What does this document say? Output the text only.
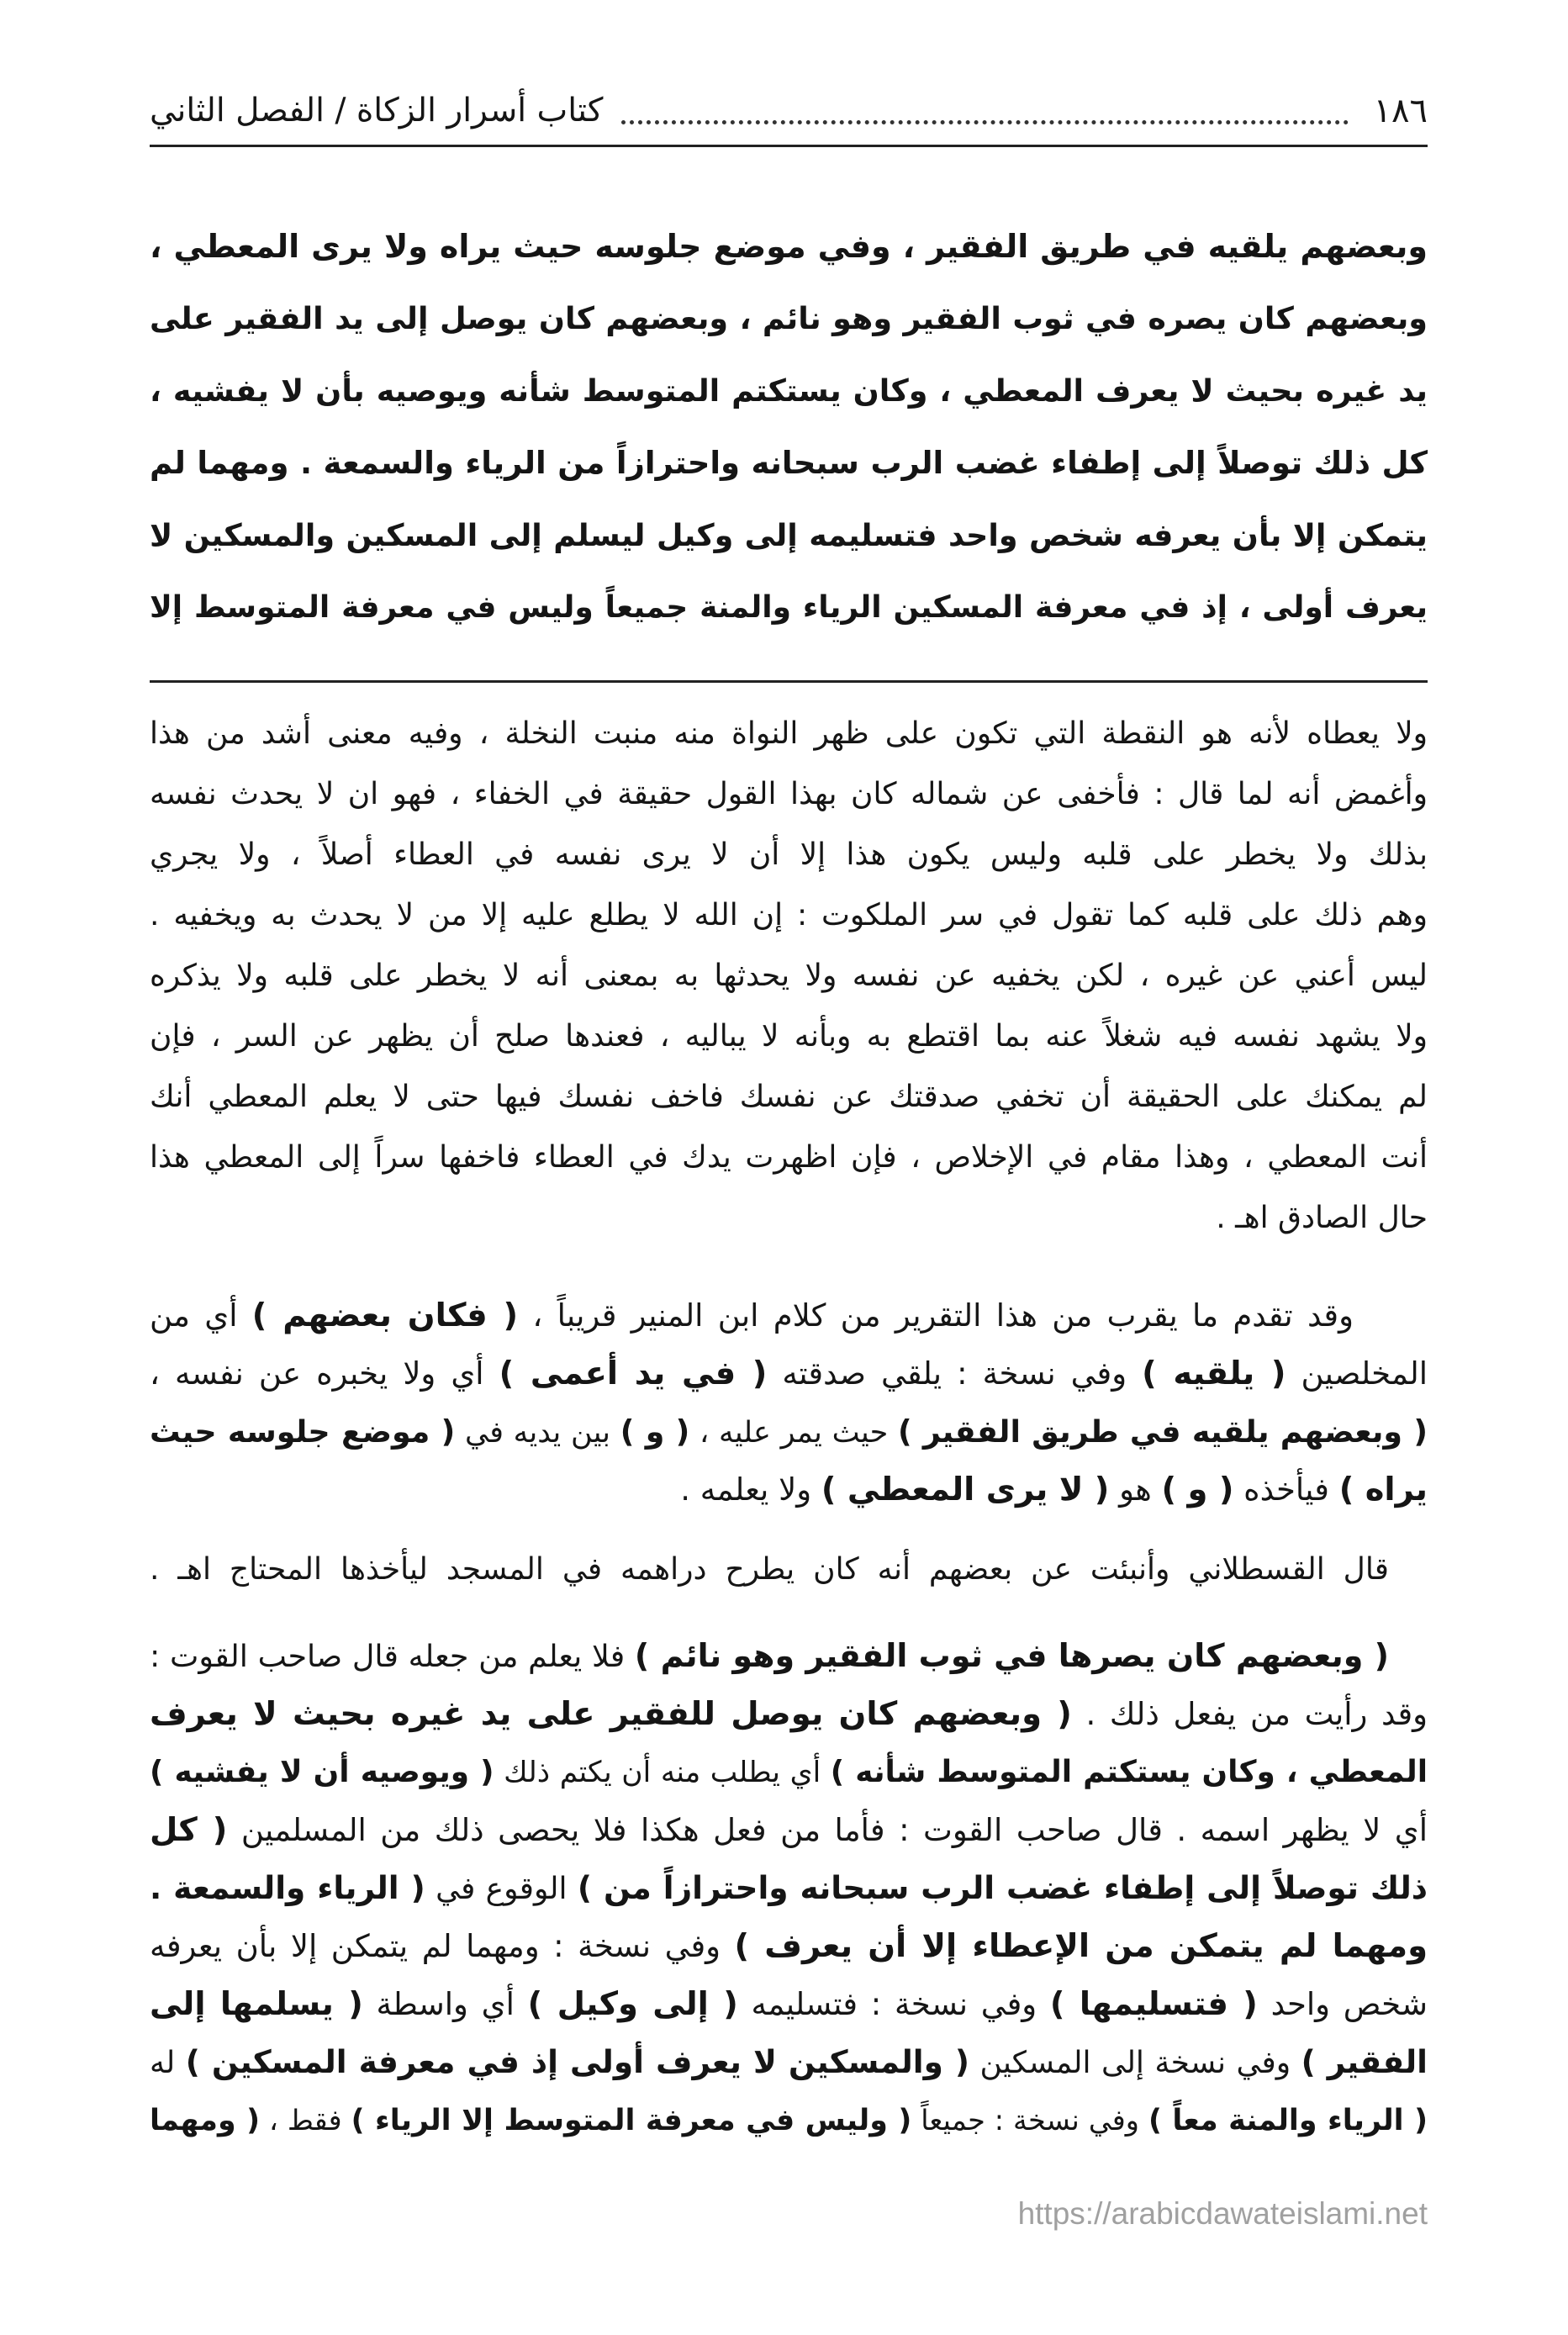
١٨٦
كتاب أسرار الزكاة / الفصل الثاني
وبعضهم يلقيه في طريق الفقير ، وفي موضع جلوسه حيث يراه ولا يرى المعطي ،
وبعضهم كان يصره في ثوب الفقير وهو نائم ، وبعضهم كان يوصل إلى يد الفقير على
يد غيره بحيث لا يعرف المعطي ، وكان يستكتم المتوسط شأنه ويوصيه بأن لا يفشيه ،
كل ذلك توصلاً إلى إطفاء غضب الرب سبحانه واحترازاً من الرياء والسمعة . ومهما لم
يتمكن إلا بأن يعرفه شخص واحد فتسليمه إلى وكيل ليسلم إلى المسكين والمسكين لا
يعرف أولى ، إذ في معرفة المسكين الرياء والمنة جميعاً وليس في معرفة المتوسط إلا
ولا يعطاه لأنه هو النقطة التي تكون على ظهر النواة منه منبت النخلة ، وفيه معنى أشد من هذا
وأغمض أنه لما قال : فأخفى عن شماله كان بهذا القول حقيقة في الخفاء ، فهو ان لا يحدث نفسه
بذلك ولا يخطر على قلبه وليس يكون هذا إلا أن لا يرى نفسه في العطاء أصلاً ، ولا يجري
وهم ذلك على قلبه كما تقول في سر الملكوت : إن الله لا يطلع عليه إلا من لا يحدث به ويخفيه .
ليس أعني عن غيره ، لكن يخفيه عن نفسه ولا يحدثها به بمعنى أنه لا يخطر على قلبه ولا يذكره
ولا يشهد نفسه فيه شغلاً عنه بما اقتطع به وبأنه لا يباليه ، فعندها صلح أن يظهر عن السر ، فإن
لم يمكنك على الحقيقة أن تخفي صدقتك عن نفسك فاخف نفسك فيها حتى لا يعلم المعطي أنك
أنت المعطي ، وهذا مقام في الإخلاص ، فإن اظهرت يدك في العطاء فاخفها سراً إلى المعطي هذا
حال الصادق اهـ .
وقد تقدم ما يقرب من هذا التقرير من كلام ابن المنير قريباً ، ( فكان بعضهم ) أي من
المخلصين ( يلقيه ) وفي نسخة : يلقي صدقته ( في يد أعمى ) أي ولا يخبره عن نفسه ،
( وبعضهم يلقيه في طريق الفقير ) حيث يمر عليه ، ( و ) بين يديه في ( موضع جلوسه حيث
يراه ) فيأخذه ( و ) هو ( لا يرى المعطي ) ولا يعلمه .
قال القسطلاني وأنبئت عن بعضهم أنه كان يطرح دراهمه في المسجد ليأخذها المحتاج اهـ .
( وبعضهم كان يصرها في ثوب الفقير وهو نائم ) فلا يعلم من جعله قال صاحب القوت :
وقد رأيت من يفعل ذلك . ( وبعضهم كان يوصل للفقير على يد غيره بحيث لا يعرف
المعطي ، وكان يستكتم المتوسط شأنه ) أي يطلب منه أن يكتم ذلك ( ويوصيه أن لا يفشيه )
أي لا يظهر اسمه . قال صاحب القوت : فأما من فعل هكذا فلا يحصى ذلك من المسلمين ( كل
ذلك توصلاً إلى إطفاء غضب الرب سبحانه واحترازاً من ) الوقوع في ( الرياء والسمعة .
ومهما لم يتمكن من الإعطاء إلا أن يعرف ) وفي نسخة : ومهما لم يتمكن إلا بأن يعرفه
شخص واحد ( فتسليمها ) وفي نسخة : فتسليمه ( إلى وكيل ) أي واسطة ( يسلمها إلى
الفقير ) وفي نسخة إلى المسكين ( والمسكين لا يعرف أولى إذ في معرفة المسكين ) له
( الرياء والمنة معاً ) وفي نسخة : جميعاً ( وليس في معرفة المتوسط إلا الرياء ) فقط ، ( ومهما
https://arabicdawateislami.net
